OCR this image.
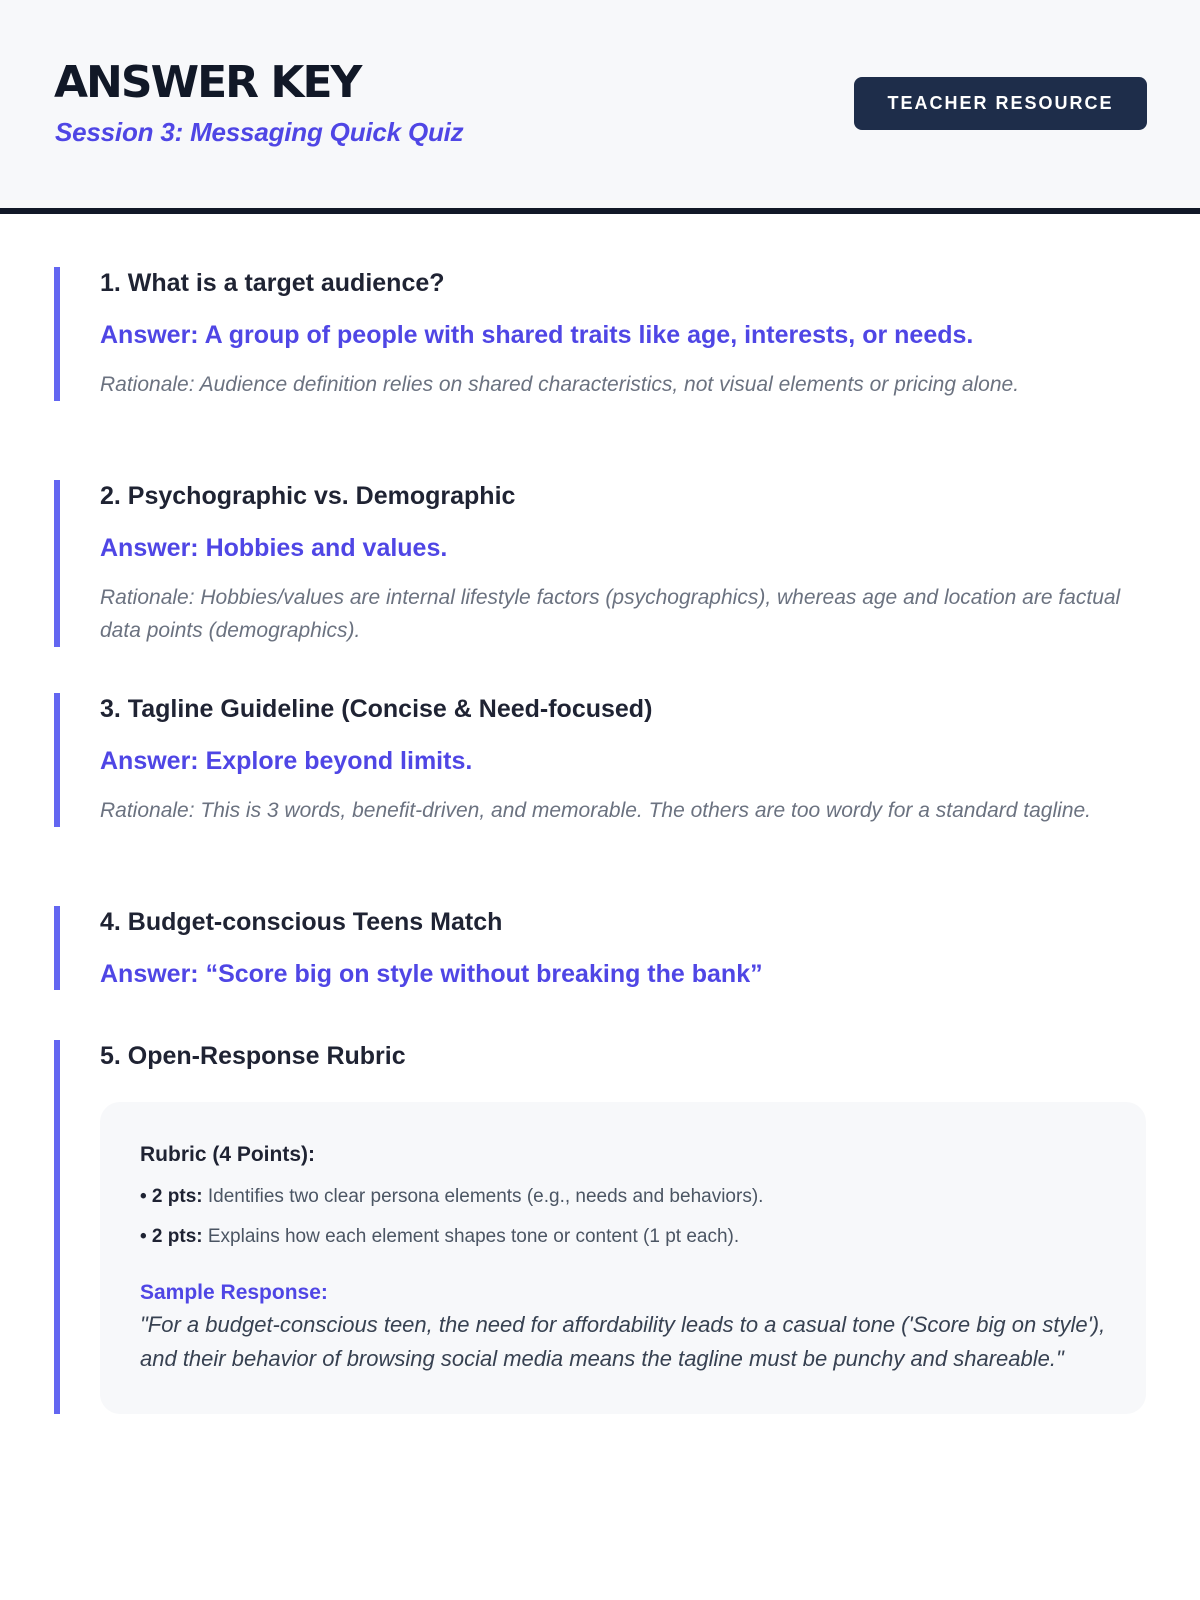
ANSWER KEY
Session 3: Messaging Quick Quiz
TEACHER RESOURCE
1. What is a target audience?
Answer: A group of people with shared traits like age, interests, or needs.
Rationale: Audience definition relies on shared characteristics, not visual elements or pricing alone.
2. Psychographic vs. Demographic
Answer: Hobbies and values.
Rationale: Hobbies/values are internal lifestyle factors (psychographics), whereas age and location are factual data points (demographics).
3. Tagline Guideline (Concise & Need-focused)
Answer: Explore beyond limits.
Rationale: This is 3 words, benefit-driven, and memorable. The others are too wordy for a standard tagline.
4. Budget-conscious Teens Match
Answer: “Score big on style without breaking the bank”
5. Open-Response Rubric
Rubric (4 Points):
• 2 pts: Identifies two clear persona elements (e.g., needs and behaviors).
• 2 pts: Explains how each element shapes tone or content (1 pt each).
Sample Response:
"For a budget-conscious teen, the need for affordability leads to a casual tone ('Score big on style'), and their behavior of browsing social media means the tagline must be punchy and shareable."
